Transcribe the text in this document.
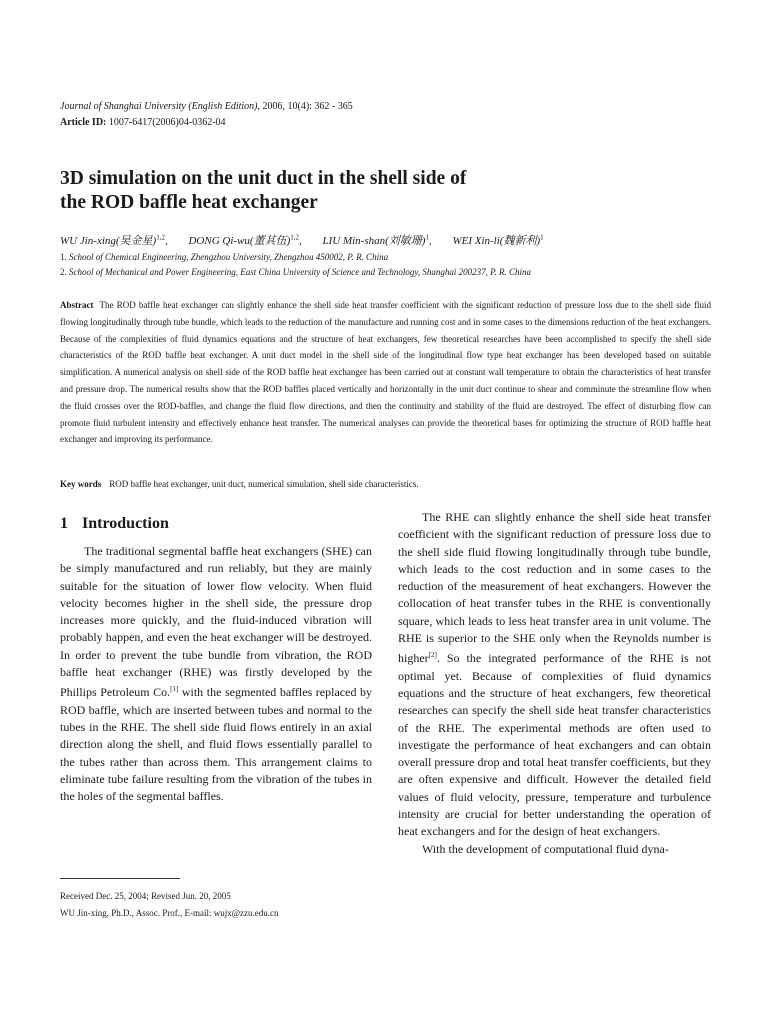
Journal of Shanghai University (English Edition), 2006, 10(4): 362 - 365
Article ID: 1007-6417(2006)04-0362-04
3D simulation on the unit duct in the shell side of
the ROD baffle heat exchanger
WU Jin-xing(吴金星)$^{1,2}$, DONG Qi-wu(董其伍)$^{1,2}$, LIU Min-shan(刘敏珊)$^1$, WEI Xin-li(魏新利)$^1$
1. School of Chemical Engineering, Zhengzhou University, Zhengzhou 450002, P. R. China
2. School of Mechanical and Power Engineering, East China University of Science and Technology, Shanghai 200237, P. R. China
Abstract The ROD baffle heat exchanger can slightly enhance the shell side heat transfer coefficient with the significant reduction of pressure loss due to the shell side fluid flowing longitudinally through tube bundle, which leads to the reduction of the manufacture and running cost and in some cases to the dimensions reduction of the heat exchangers. Because of the complexities of fluid dynamics equations and the structure of heat exchangers, few theoretical researches have been accomplished to specify the shell side characteristics of the ROD baffle heat exchanger. A unit duct model in the shell side of the longitudinal flow type heat exchanger has been developed based on suitable simplification. A numerical analysis on shell side of the ROD baffle heat exchanger has been carried out at constant wall temperature to obtain the characteristics of heat transfer and pressure drop. The numerical results show that the ROD baffles placed vertically and horizontally in the unit duct continue to shear and comminute the streamline flow when the fluid crosses over the ROD-baffles, and change the fluid flow directions, and then the continuity and stability of the fluid are destroyed. The effect of disturbing flow can promote fluid turbulent intensity and effectively enhance heat transfer. The numerical analyses can provide the theoretical bases for optimizing the structure of ROD baffle heat exchanger and improving its performance.
Key words ROD baffle heat exchanger, unit duct, numerical simulation, shell side characteristics.
1 Introduction
The traditional segmental baffle heat exchangers (SHE) can be simply manufactured and run reliably, but they are mainly suitable for the situation of lower flow velocity. When fluid velocity becomes higher in the shell side, the pressure drop increases more quickly, and the fluid-induced vibration will probably happen, and even the heat exchanger will be destroyed. In order to prevent the tube bundle from vibration, the ROD baffle heat exchanger (RHE) was firstly developed by the Phillips Petroleum Co.[1] with the segmented baffles replaced by ROD baffle, which are inserted between tubes and normal to the tubes in the RHE. The shell side fluid flows entirely in an axial direction along the shell, and fluid flows essentially parallel to the tubes rather than across them. This arrangement claims to eliminate tube failure resulting from the vibration of the tubes in the holes of the segmental baffles.

The RHE can slightly enhance the shell side heat transfer coefficient with the significant reduction of pressure loss due to the shell side fluid flowing longitudinally through tube bundle, which leads to the cost reduction and in some cases to the reduction of the measurement of heat exchangers. However the collocation of heat transfer tubes in the RHE is conventionally square, which leads to less heat transfer area in unit volume. The RHE is superior to the SHE only when the Reynolds number is higher[2]. So the integrated performance of the RHE is not optimal yet. Because of complexities of fluid dynamics equations and the structure of heat exchangers, few theoretical researches can specify the shell side heat transfer characteristics of the RHE. The experimental methods are often used to investigate the performance of heat exchangers and can obtain overall pressure drop and total heat transfer coefficients, but they are often expensive and difficult. However the detailed field values of fluid velocity, pressure, temperature and turbulence intensity are crucial for better understanding the operation of heat exchangers and for the design of heat exchangers.

With the development of computational fluid dyna-

Received Dec. 25, 2004; Revised Jun. 20, 2005
WU Jin-xing, Ph.D., Assoc. Prof., E-mail: wujx@zzu.edu.cn
